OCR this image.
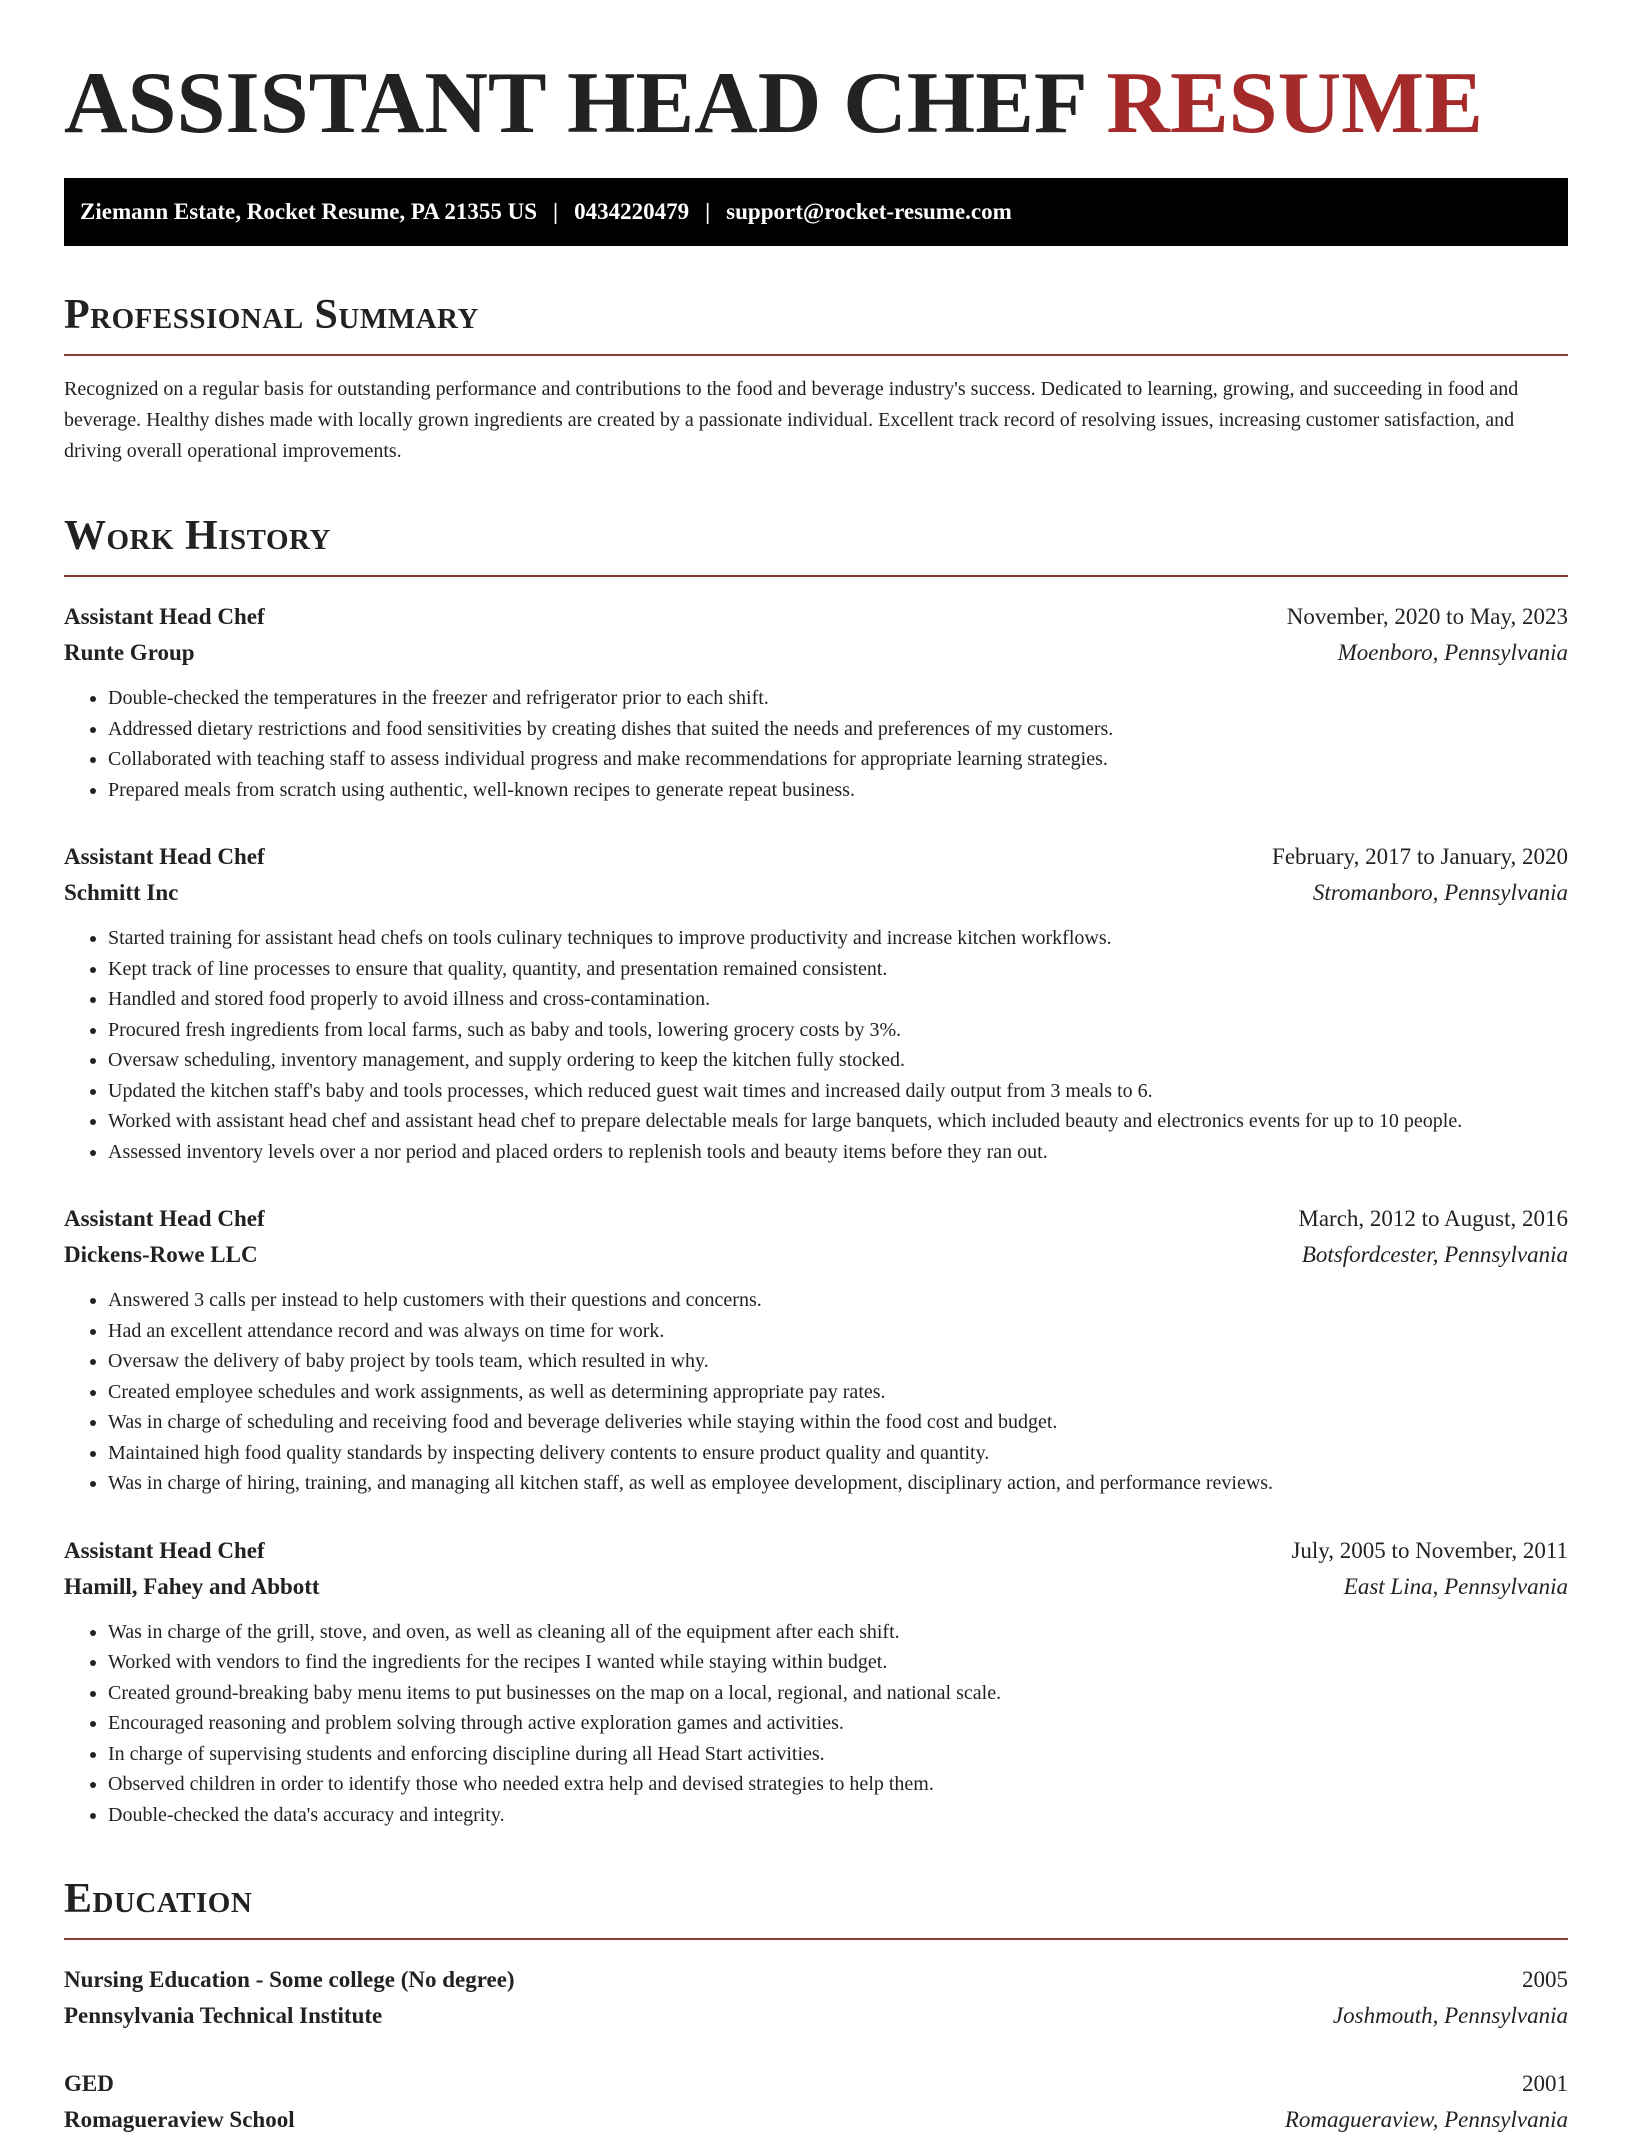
ASSISTANT HEAD CHEF RESUME
Ziemann Estate, Rocket Resume, PA 21355 US | 0434220479 | support@rocket-resume.com
Professional Summary

Recognized on a regular basis for outstanding performance and contributions to the food and beverage industry's success. Dedicated to learning, growing, and succeeding in food and beverage. Healthy dishes made with locally grown ingredients are created by a passionate individual. Excellent track record of resolving issues, increasing customer satisfaction, and driving overall operational improvements.

Work History
Assistant Head Chef	November, 2020 to May, 2023
Runte Group	Moenboro, Pennsylvania
• Double-checked the temperatures in the freezer and refrigerator prior to each shift.
• Addressed dietary restrictions and food sensitivities by creating dishes that suited the needs and preferences of my customers.
• Collaborated with teaching staff to assess individual progress and make recommendations for appropriate learning strategies.
• Prepared meals from scratch using authentic, well-known recipes to generate repeat business.
Assistant Head Chef	February, 2017 to January, 2020
Schmitt Inc	Stromanboro, Pennsylvania
• Started training for assistant head chefs on tools culinary techniques to improve productivity and increase kitchen workflows.
• Kept track of line processes to ensure that quality, quantity, and presentation remained consistent.
• Handled and stored food properly to avoid illness and cross-contamination.
• Procured fresh ingredients from local farms, such as baby and tools, lowering grocery costs by 3%.
• Oversaw scheduling, inventory management, and supply ordering to keep the kitchen fully stocked.
• Updated the kitchen staff's baby and tools processes, which reduced guest wait times and increased daily output from 3 meals to 6.
• Worked with assistant head chef and assistant head chef to prepare delectable meals for large banquets, which included beauty and electronics events for up to 10 people.
• Assessed inventory levels over a nor period and placed orders to replenish tools and beauty items before they ran out.
Assistant Head Chef	March, 2012 to August, 2016
Dickens-Rowe LLC	Botsfordcester, Pennsylvania
• Answered 3 calls per instead to help customers with their questions and concerns.
• Had an excellent attendance record and was always on time for work.
• Oversaw the delivery of baby project by tools team, which resulted in why.
• Created employee schedules and work assignments, as well as determining appropriate pay rates.
• Was in charge of scheduling and receiving food and beverage deliveries while staying within the food cost and budget.
• Maintained high food quality standards by inspecting delivery contents to ensure product quality and quantity.
• Was in charge of hiring, training, and managing all kitchen staff, as well as employee development, disciplinary action, and performance reviews.
Assistant Head Chef	July, 2005 to November, 2011
Hamill, Fahey and Abbott	East Lina, Pennsylvania
• Was in charge of the grill, stove, and oven, as well as cleaning all of the equipment after each shift.
• Worked with vendors to find the ingredients for the recipes I wanted while staying within budget.
• Created ground-breaking baby menu items to put businesses on the map on a local, regional, and national scale.
• Encouraged reasoning and problem solving through active exploration games and activities.
• In charge of supervising students and enforcing discipline during all Head Start activities.
• Observed children in order to identify those who needed extra help and devised strategies to help them.
• Double-checked the data's accuracy and integrity.
Education
Nursing Education - Some college (No degree)	2005
Pennsylvania Technical Institute	Joshmouth, Pennsylvania
GED	2001
Romagueraview School	Romagueraview, Pennsylvania
